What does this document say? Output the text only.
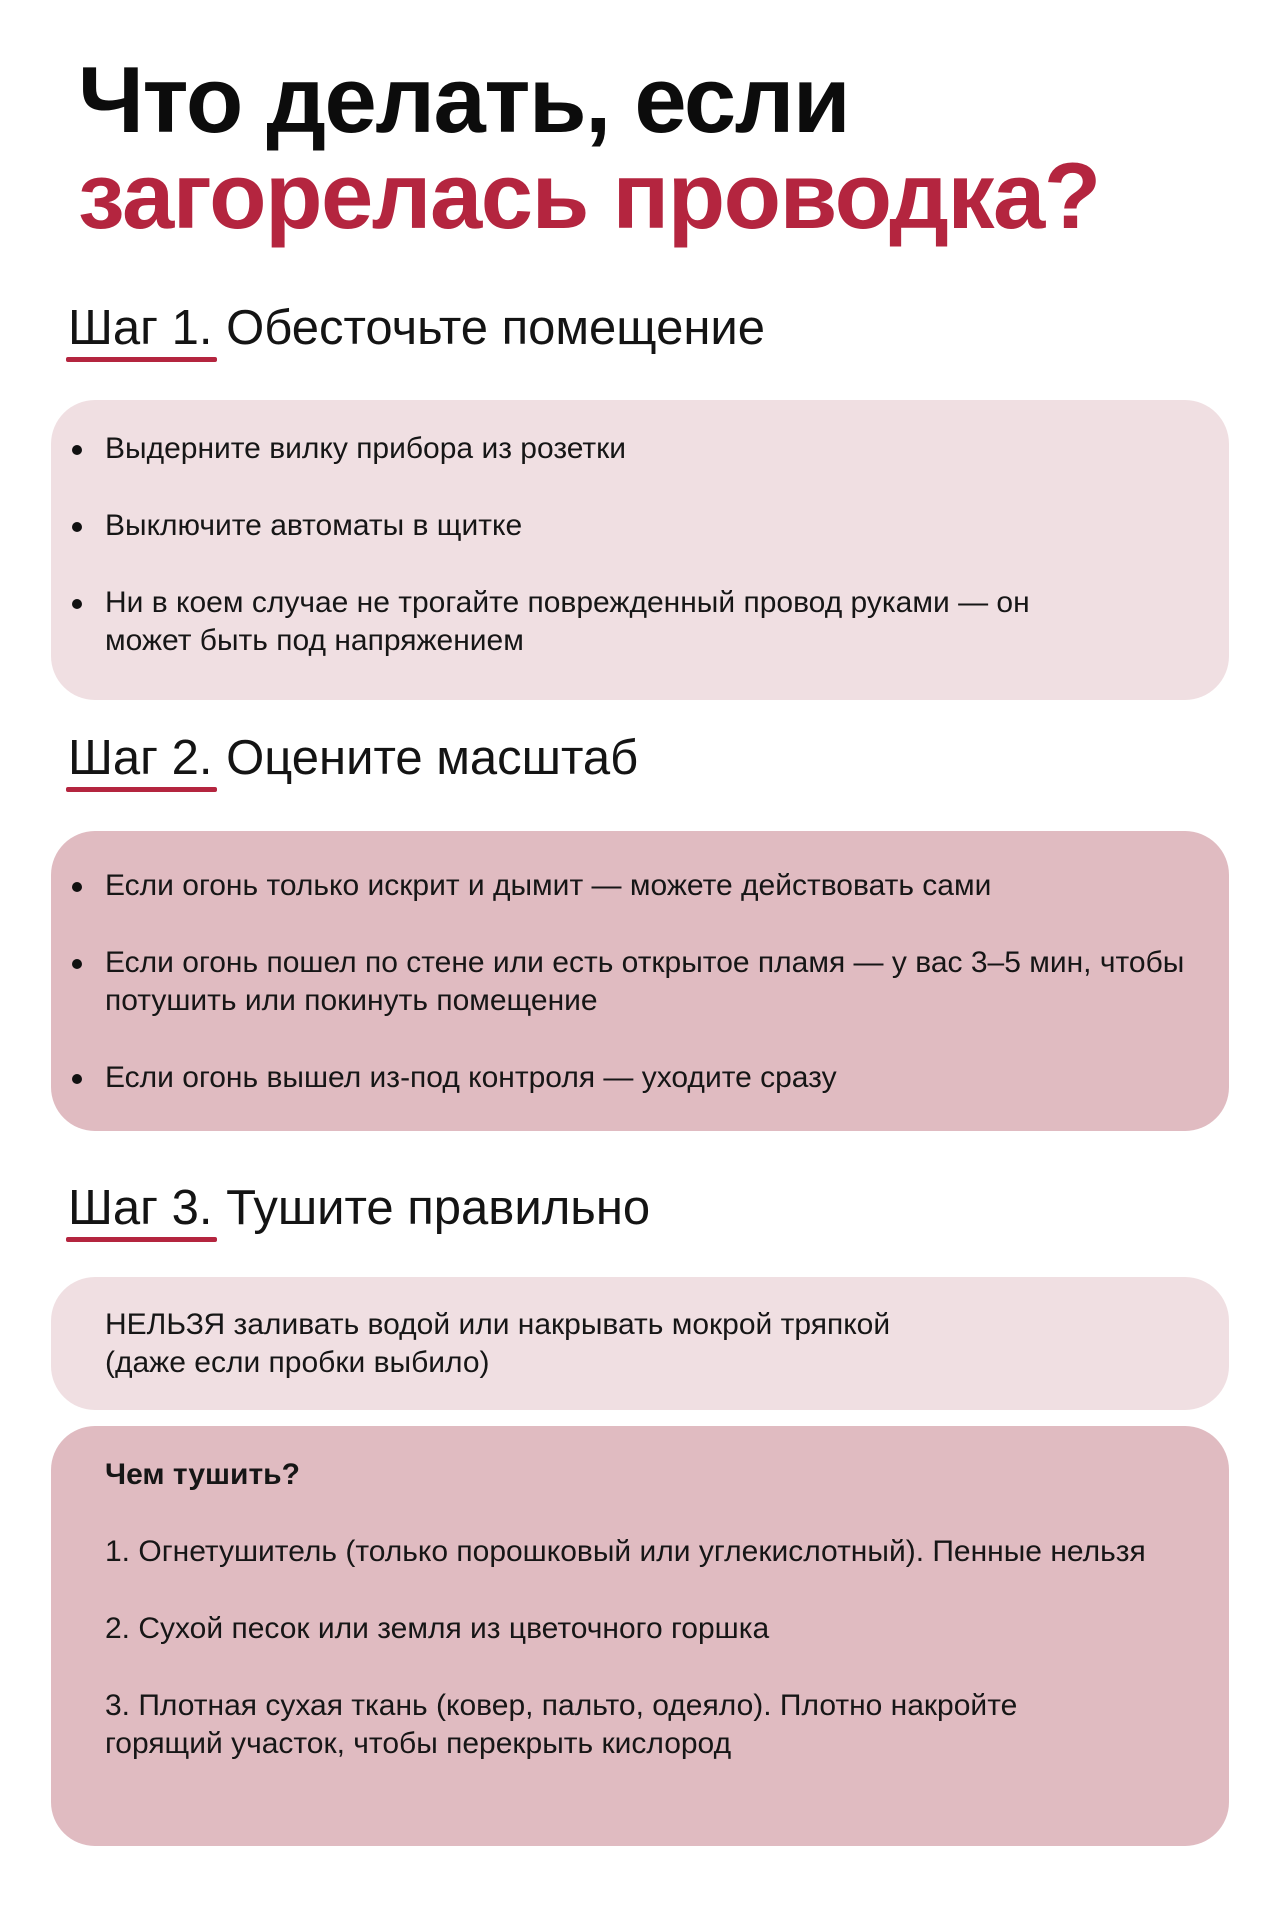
Что делать, если
загорелась проводка?
Шаг 1. Обесточьте помещение
Выдерните вилку прибора из розетки
Выключите автоматы в щитке
Ни в коем случае не трогайте поврежденный провод руками — он может быть под напряжением
Шаг 2. Оцените масштаб
Если огонь только искрит и дымит — можете действовать сами
Если огонь пошел по стене или есть открытое пламя — у вас 3–5 мин, чтобы потушить или покинуть помещение
Если огонь вышел из-под контроля — уходите сразу
Шаг 3. Тушите правильно

НЕЛЬЗЯ заливать водой или накрывать мокрой тряпкой

(даже если пробки выбило)

Чем тушить?

1. Огнетушитель (только порошковый или углекислотный). Пенные нельзя

2. Сухой песок или земля из цветочного горшка

3. Плотная сухая ткань (ковер, пальто, одеяло). Плотно накройте горящий участок, чтобы перекрыть кислород
